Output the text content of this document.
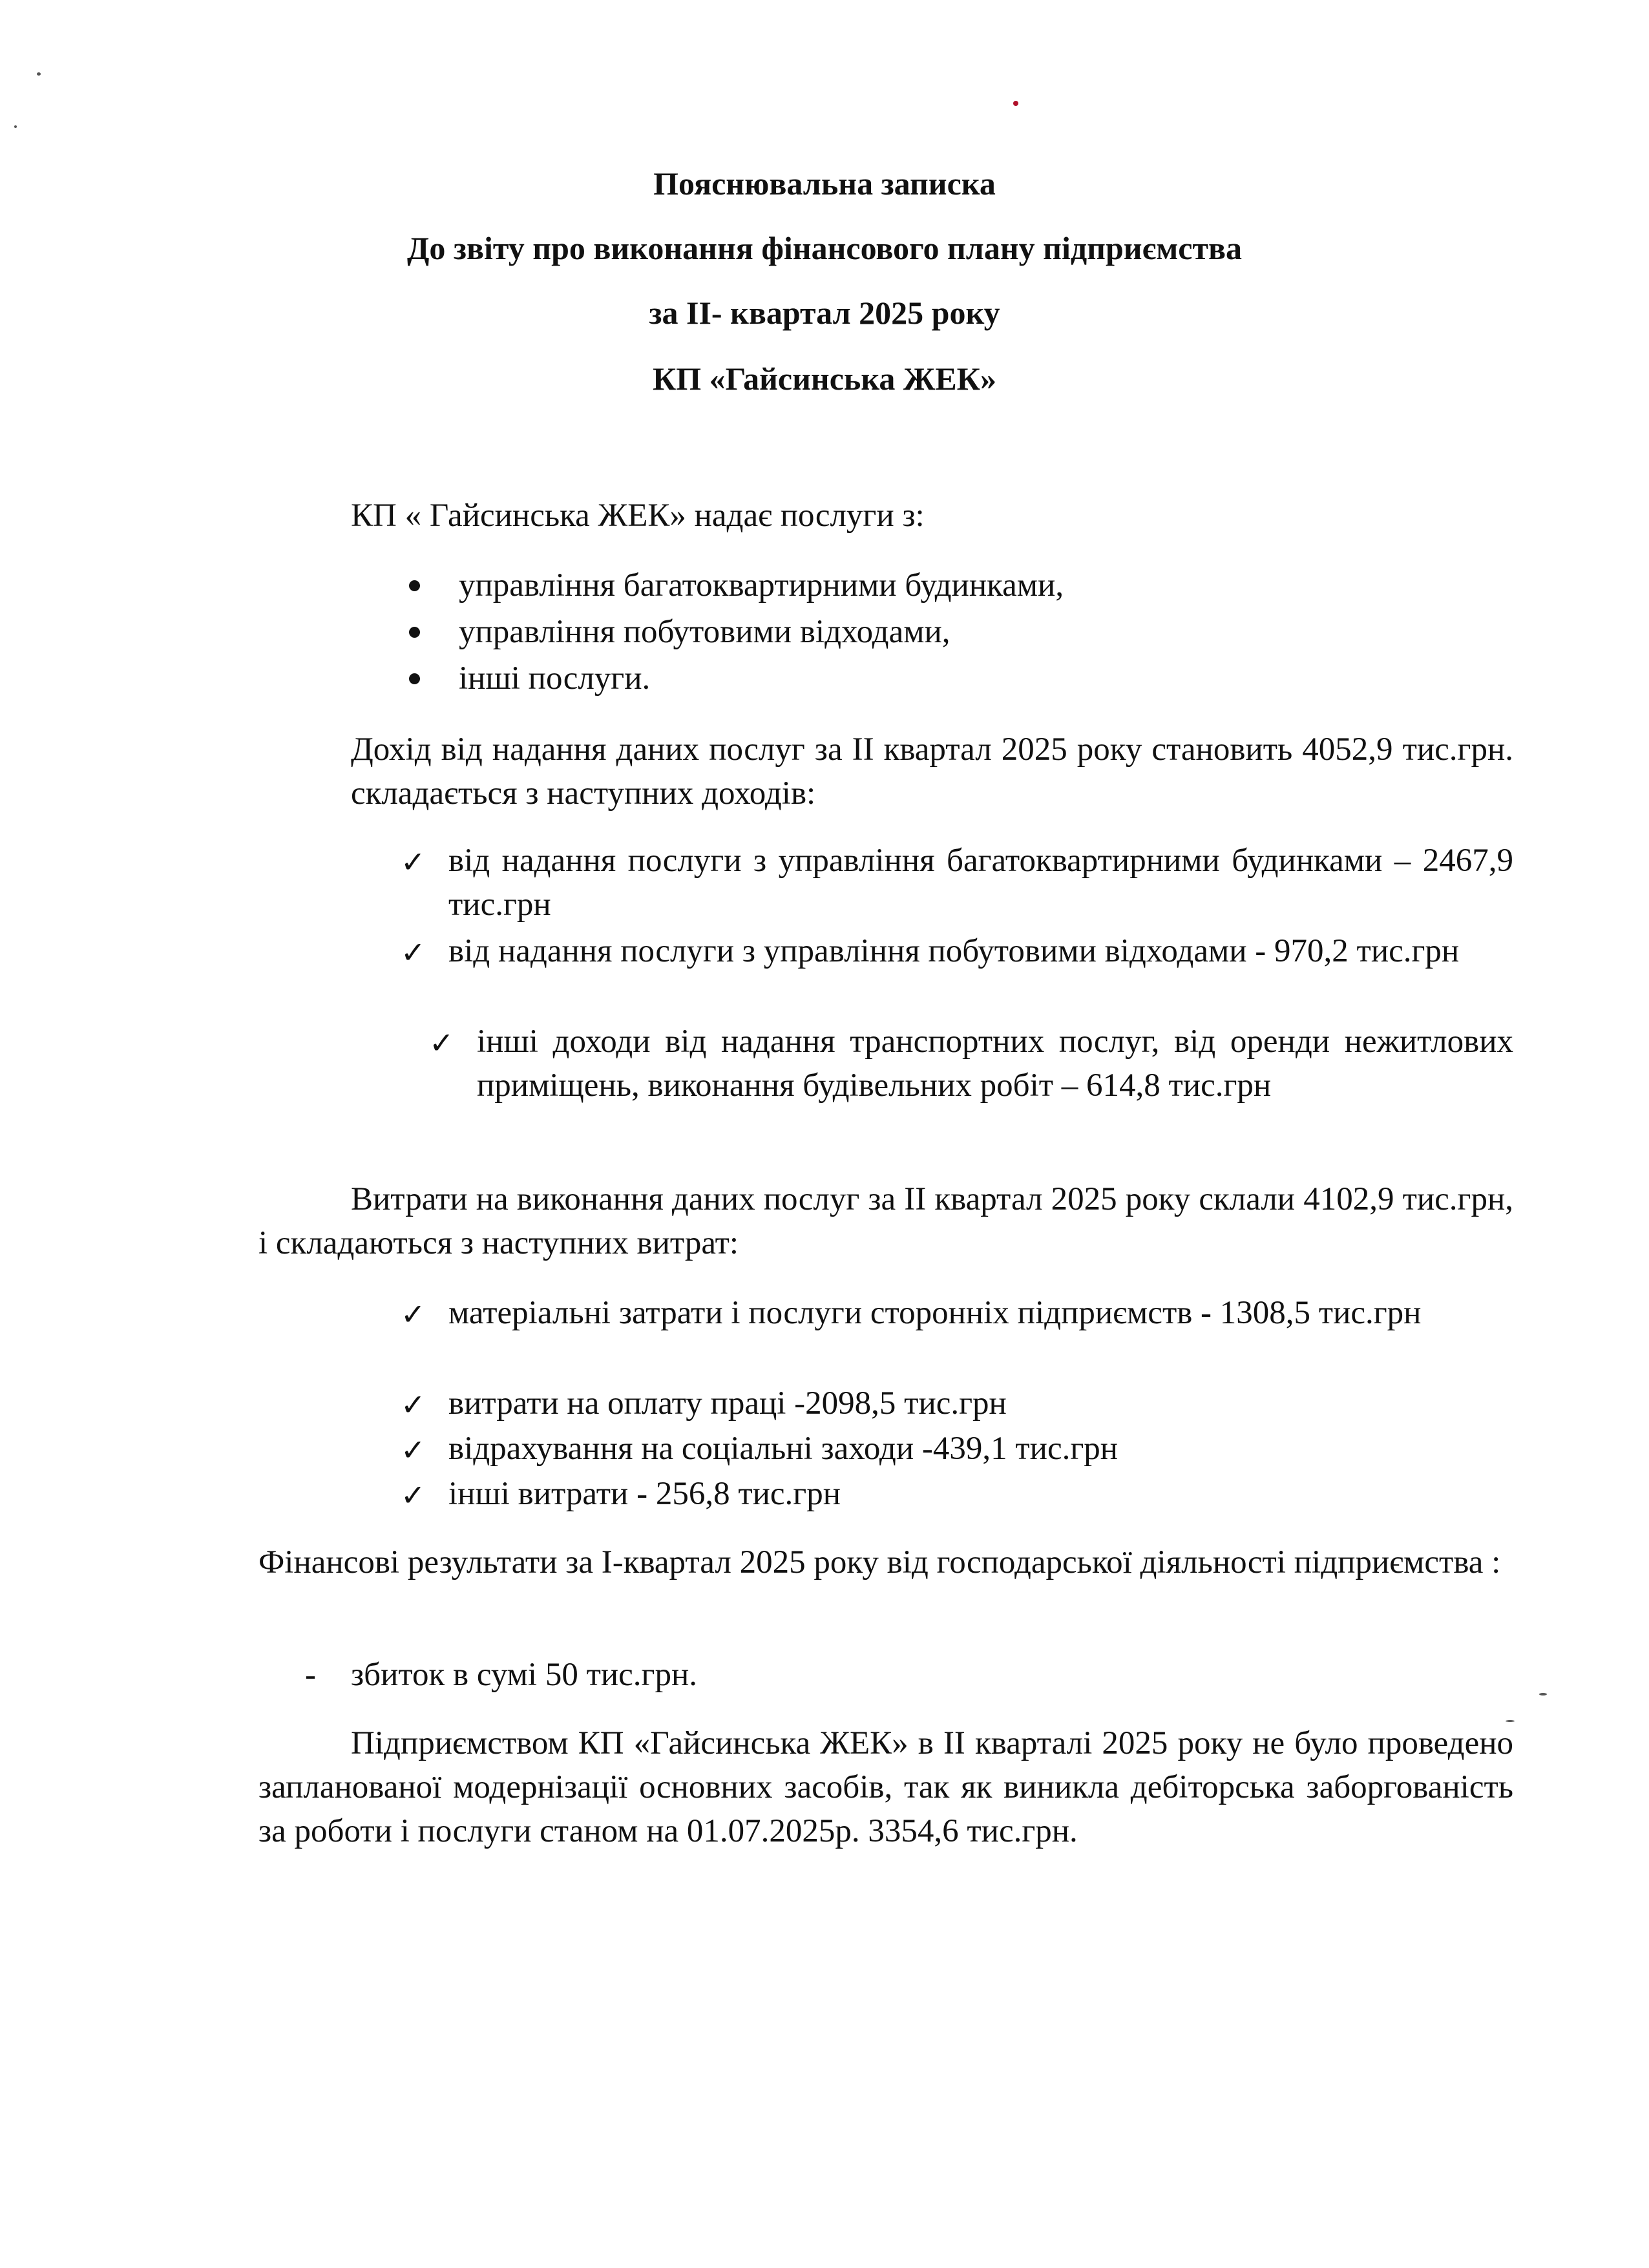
Пояснювальна записка
До звіту про виконання фінансового плану підприємства
за ІІ- квартал 2025 року
КП «Гайсинська ЖЕК»
КП « Гайсинська ЖЕК» надає послуги з:
управління багатоквартирними будинками,
управління побутовими відходами,
інші послуги.
Дохід від надання даних послуг за ІІ квартал 2025 року становить 4052,9 тис.грн. складається з наступних доходів:
✓ від надання послуги з управління багатоквартирними будинками – 2467,9 тис.грн
✓ від надання послуги з управління побутовими відходами - 970,2 тис.грн
✓ інші доходи від надання транспортних послуг, від оренди нежитлових приміщень, виконання будівельних робіт – 614,8 тис.грн
Витрати на виконання даних послуг за ІІ квартал 2025 року склали 4102,9 тис.грн, і складаються з наступних витрат:
✓ матеріальні затрати і послуги сторонніх підприємств - 1308,5 тис.грн
✓ витрати на оплату праці -2098,5 тис.грн
✓ відрахування на соціальні заходи -439,1 тис.грн
✓ інші витрати - 256,8 тис.грн
Фінансові результати за І-квартал 2025 року від господарської діяльності підприємства :
- збиток в сумі 50 тис.грн.
Підприємством КП «Гайсинська ЖЕК» в ІІ кварталі 2025 року не було проведено запланованої модернізації основних засобів, так як виникла дебіторська заборгованість за роботи і послуги станом на 01.07.2025р. 3354,6 тис.грн.
